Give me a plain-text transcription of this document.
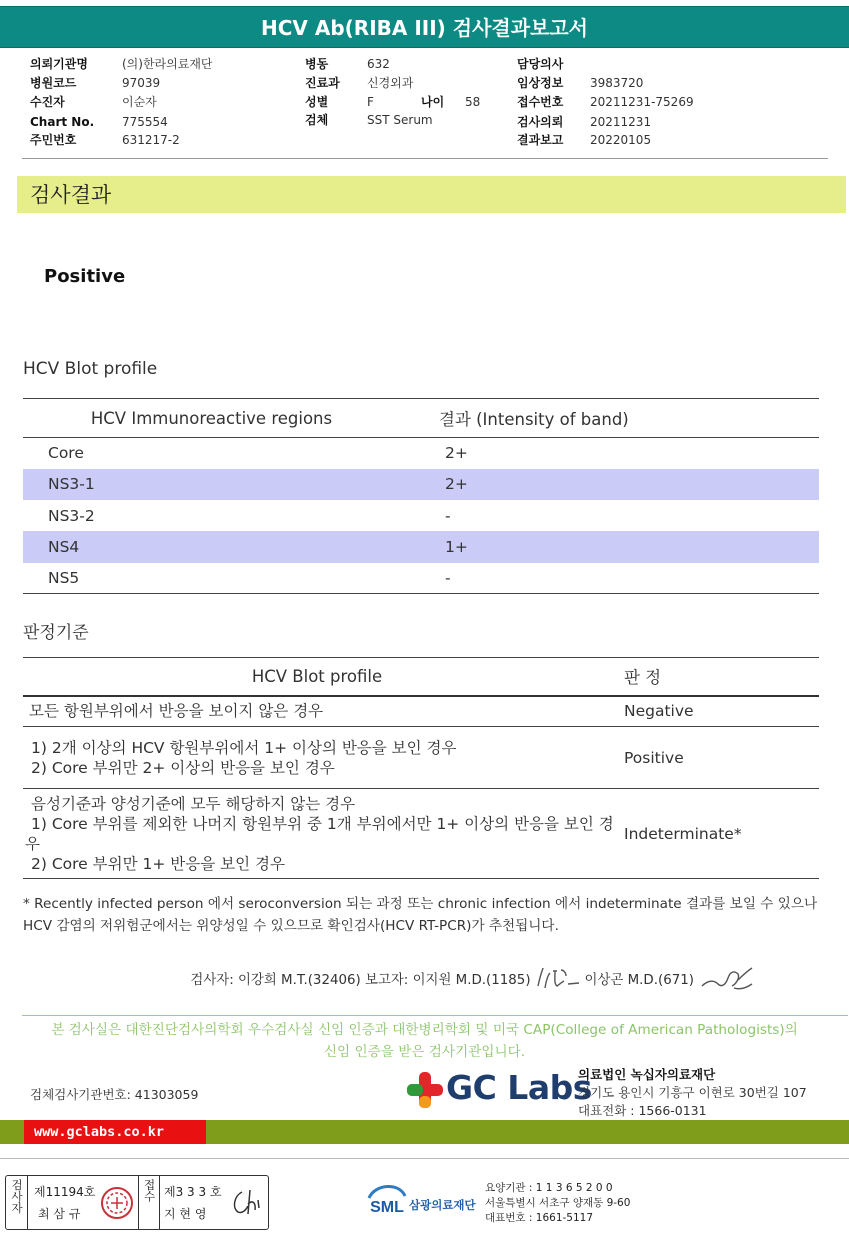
HCV Ab(RIBA III) 검사결과보고서
의뢰기관명	(의)한라의료재단
병원코드	97039
수진자	이순자
Chart No. 775554
주민번호	631217-2
병동	632
진료과 신경외과
성별	F	나이 58
검체	SST Serum
담당의사
임상정보 3983720
접수번호 20211231-75269
검사의뢰 20211231
결과보고 20220105
검사결과
Positive
HCV Blot profile
HCV Immunoreactive regions	결과 (Intensity of band)
Core	2+
NS3-1	2+
NS3-2	-
NS4	1+
NS5	-
판정기준
HCV Blot profile	판 정

모든 항원부위에서 반응을 보이지 않은 경우	Negative

1) 2개 이상의 HCV 항원부위에서 1+ 이상의 반응을 보인 경우
2) Core 부위만 2+ 이상의 반응을 보인 경우	Positive

음성기준과 양성기준에 모두 해당하지 않는 경우
1) Core 부위를 제외한 나머지 항원부위 중 1개 부위에서만 1+ 이상의 반응을 보인 경우
2) Core 부위만 1+ 반응을 보인 경우	Indeterminate*
* Recently infected person 에서 seroconversion 되는 과정 또는 chronic infection 에서 indeterminate 결과를 보일 수 있으나 HCV 감염의 저위험군에서는 위양성일 수 있으므로 확인검사(HCV RT-PCR)가 추천됩니다.
검사자: 이강희 M.T.(32406) 보고자: 이지원 M.D.(1185)	이상곤 M.D.(671)
본 검사실은 대한진단검사의학회 우수검사실 신임 인증과 대한병리학회 및 미국 CAP(College of American Pathologists)의
신임 인증을 받은 검사기관입니다.
검체검사기관번호: 41303059	GC Labs
의료법인 녹십자의료재단
경기도 용인시 기흥구 이현로 30번길 107
대표전화 : 1566-0131
www.gclabs.co.kr
검사자 제11194호
최 삼 규
접수 제3 3 3 호
지 현 영	SML 삼광의료재단
요양기관 : 1 1 3 6 5 2 0 0
서울특별시 서초구 양재동 9-60
대표번호 : 1661-5117
